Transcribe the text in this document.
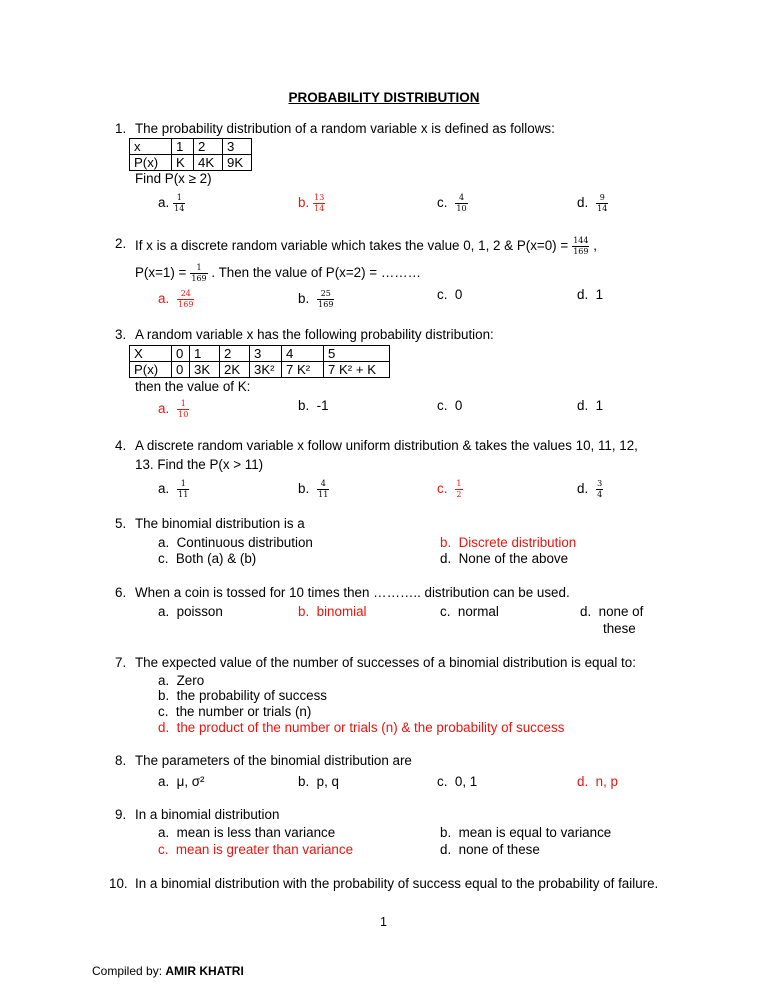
PROBABILITY DISTRIBUTION
1. The probability distribution of a random variable x is defined as follows:
x	1	2	3
P(x)	K	4K	9K
Find P(x ≥ 2)
a. $\frac{1}{14}$	b. $\frac{13}{14}$	c. $\frac{4}{10}$	d. $\frac{9}{14}$
2. If x is a discrete random variable which takes the value 0, 1, 2 & $P(x=0) = \frac{144}{169}$ ,
$P(x=1) = \frac{1}{169}$ . Then the value of P(x=2) = ………
a. $\frac{24}{169}$	b. $\frac{25}{169}$	c. 0	d. 1
3. A random variable x has the following probability distribution:
X	0	1	2	3	4	5
P(x)	0	3K	2K	3K²	7 K²	7 K² + K
then the value of K:
a. $\frac{1}{10}$	b. -1	c. 0	d. 1
4. A discrete random variable x follow uniform distribution & takes the values 10, 11, 12,
13. Find the P(x > 11)
a. $\frac{1}{11}$	b. $\frac{4}{11}$	c. $\frac{1}{2}$	d. $\frac{3}{4}$
5. The binomial distribution is a
a. Continuous distribution	b. Discrete distribution
c. Both (a) & (b)	d. None of the above
6. When a coin is tossed for 10 times then ……….. distribution can be used.
a. poisson	b. binomial	c. normal	d. none of
these
7. The expected value of the number of successes of a binomial distribution is equal to:
a. Zero
b. the probability of success
c. the number or trials (n)
d. the product of the number or trials (n) & the probability of success
8. The parameters of the binomial distribution are
a. μ, σ²	b. p, q	c. 0, 1	d. n, p
9. In a binomial distribution
a. mean is less than variance	b. mean is equal to variance
c. mean is greater than variance	d. none of these
10. In a binomial distribution with the probability of success equal to the probability of failure.
1
Compiled by: AMIR KHATRI
